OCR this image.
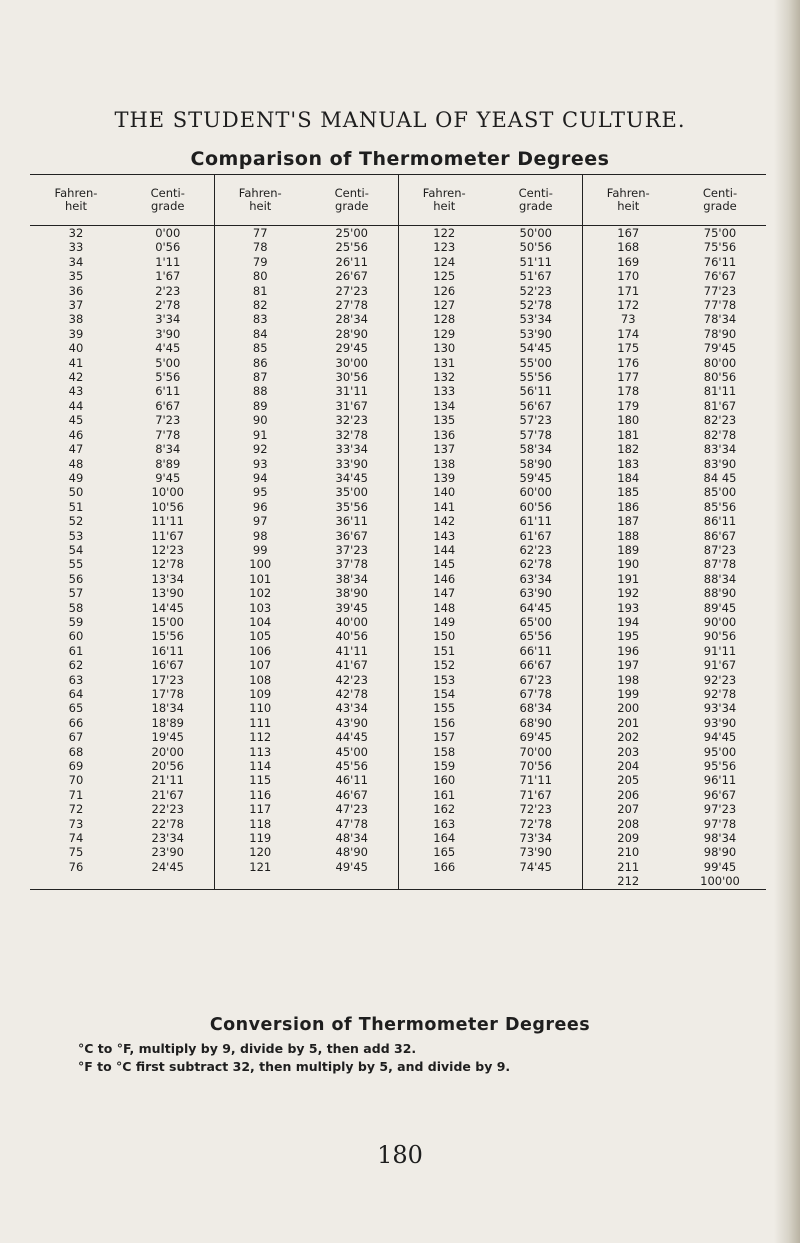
THE STUDENT'S MANUAL OF YEAST CULTURE.
Comparison of Thermometer Degrees
Fahren-
heit	Centi-
grade	Fahren-
heit	Centi-
grade	Fahren-
heit	Centi-
grade	Fahren-
heit	Centi-
grade
32	0'00	77	25'00	122	50'00	167	75'00
33	0'56	78	25'56	123	50'56	168	75'56
34	1'11	79	26'11	124	51'11	169	76'11
35	1'67	80	26'67	125	51'67	170	76'67
36	2'23	81	27'23	126	52'23	171	77'23
37	2'78	82	27'78	127	52'78	172	77'78
38	3'34	83	28'34	128	53'34	73	78'34
39	3'90	84	28'90	129	53'90	174	78'90
40	4'45	85	29'45	130	54'45	175	79'45
41	5'00	86	30'00	131	55'00	176	80'00
42	5'56	87	30'56	132	55'56	177	80'56
43	6'11	88	31'11	133	56'11	178	81'11
44	6'67	89	31'67	134	56'67	179	81'67
45	7'23	90	32'23	135	57'23	180	82'23
46	7'78	91	32'78	136	57'78	181	82'78
47	8'34	92	33'34	137	58'34	182	83'34
48	8'89	93	33'90	138	58'90	183	83'90
49	9'45	94	34'45	139	59'45	184	84 45
50	10'00	95	35'00	140	60'00	185	85'00
51	10'56	96	35'56	141	60'56	186	85'56
52	11'11	97	36'11	142	61'11	187	86'11
53	11'67	98	36'67	143	61'67	188	86'67
54	12'23	99	37'23	144	62'23	189	87'23
55	12'78	100	37'78	145	62'78	190	87'78
56	13'34	101	38'34	146	63'34	191	88'34
57	13'90	102	38'90	147	63'90	192	88'90
58	14'45	103	39'45	148	64'45	193	89'45
59	15'00	104	40'00	149	65'00	194	90'00
60	15'56	105	40'56	150	65'56	195	90'56
61	16'11	106	41'11	151	66'11	196	91'11
62	16'67	107	41'67	152	66'67	197	91'67
63	17'23	108	42'23	153	67'23	198	92'23
64	17'78	109	42'78	154	67'78	199	92'78
65	18'34	110	43'34	155	68'34	200	93'34
66	18'89	111	43'90	156	68'90	201	93'90
67	19'45	112	44'45	157	69'45	202	94'45
68	20'00	113	45'00	158	70'00	203	95'00
69	20'56	114	45'56	159	70'56	204	95'56
70	21'11	115	46'11	160	71'11	205	96'11
71	21'67	116	46'67	161	71'67	206	96'67
72	22'23	117	47'23	162	72'23	207	97'23
73	22'78	118	47'78	163	72'78	208	97'78
74	23'34	119	48'34	164	73'34	209	98'34
75	23'90	120	48'90	165	73'90	210	98'90
76	24'45	121	49'45	166	74'45	211	99'45
						212	100'00
Conversion of Thermometer Degrees
°C to °F, multiply by 9, divide by 5, then add 32.
°F to °C first subtract 32, then multiply by 5, and divide by 9.
180
